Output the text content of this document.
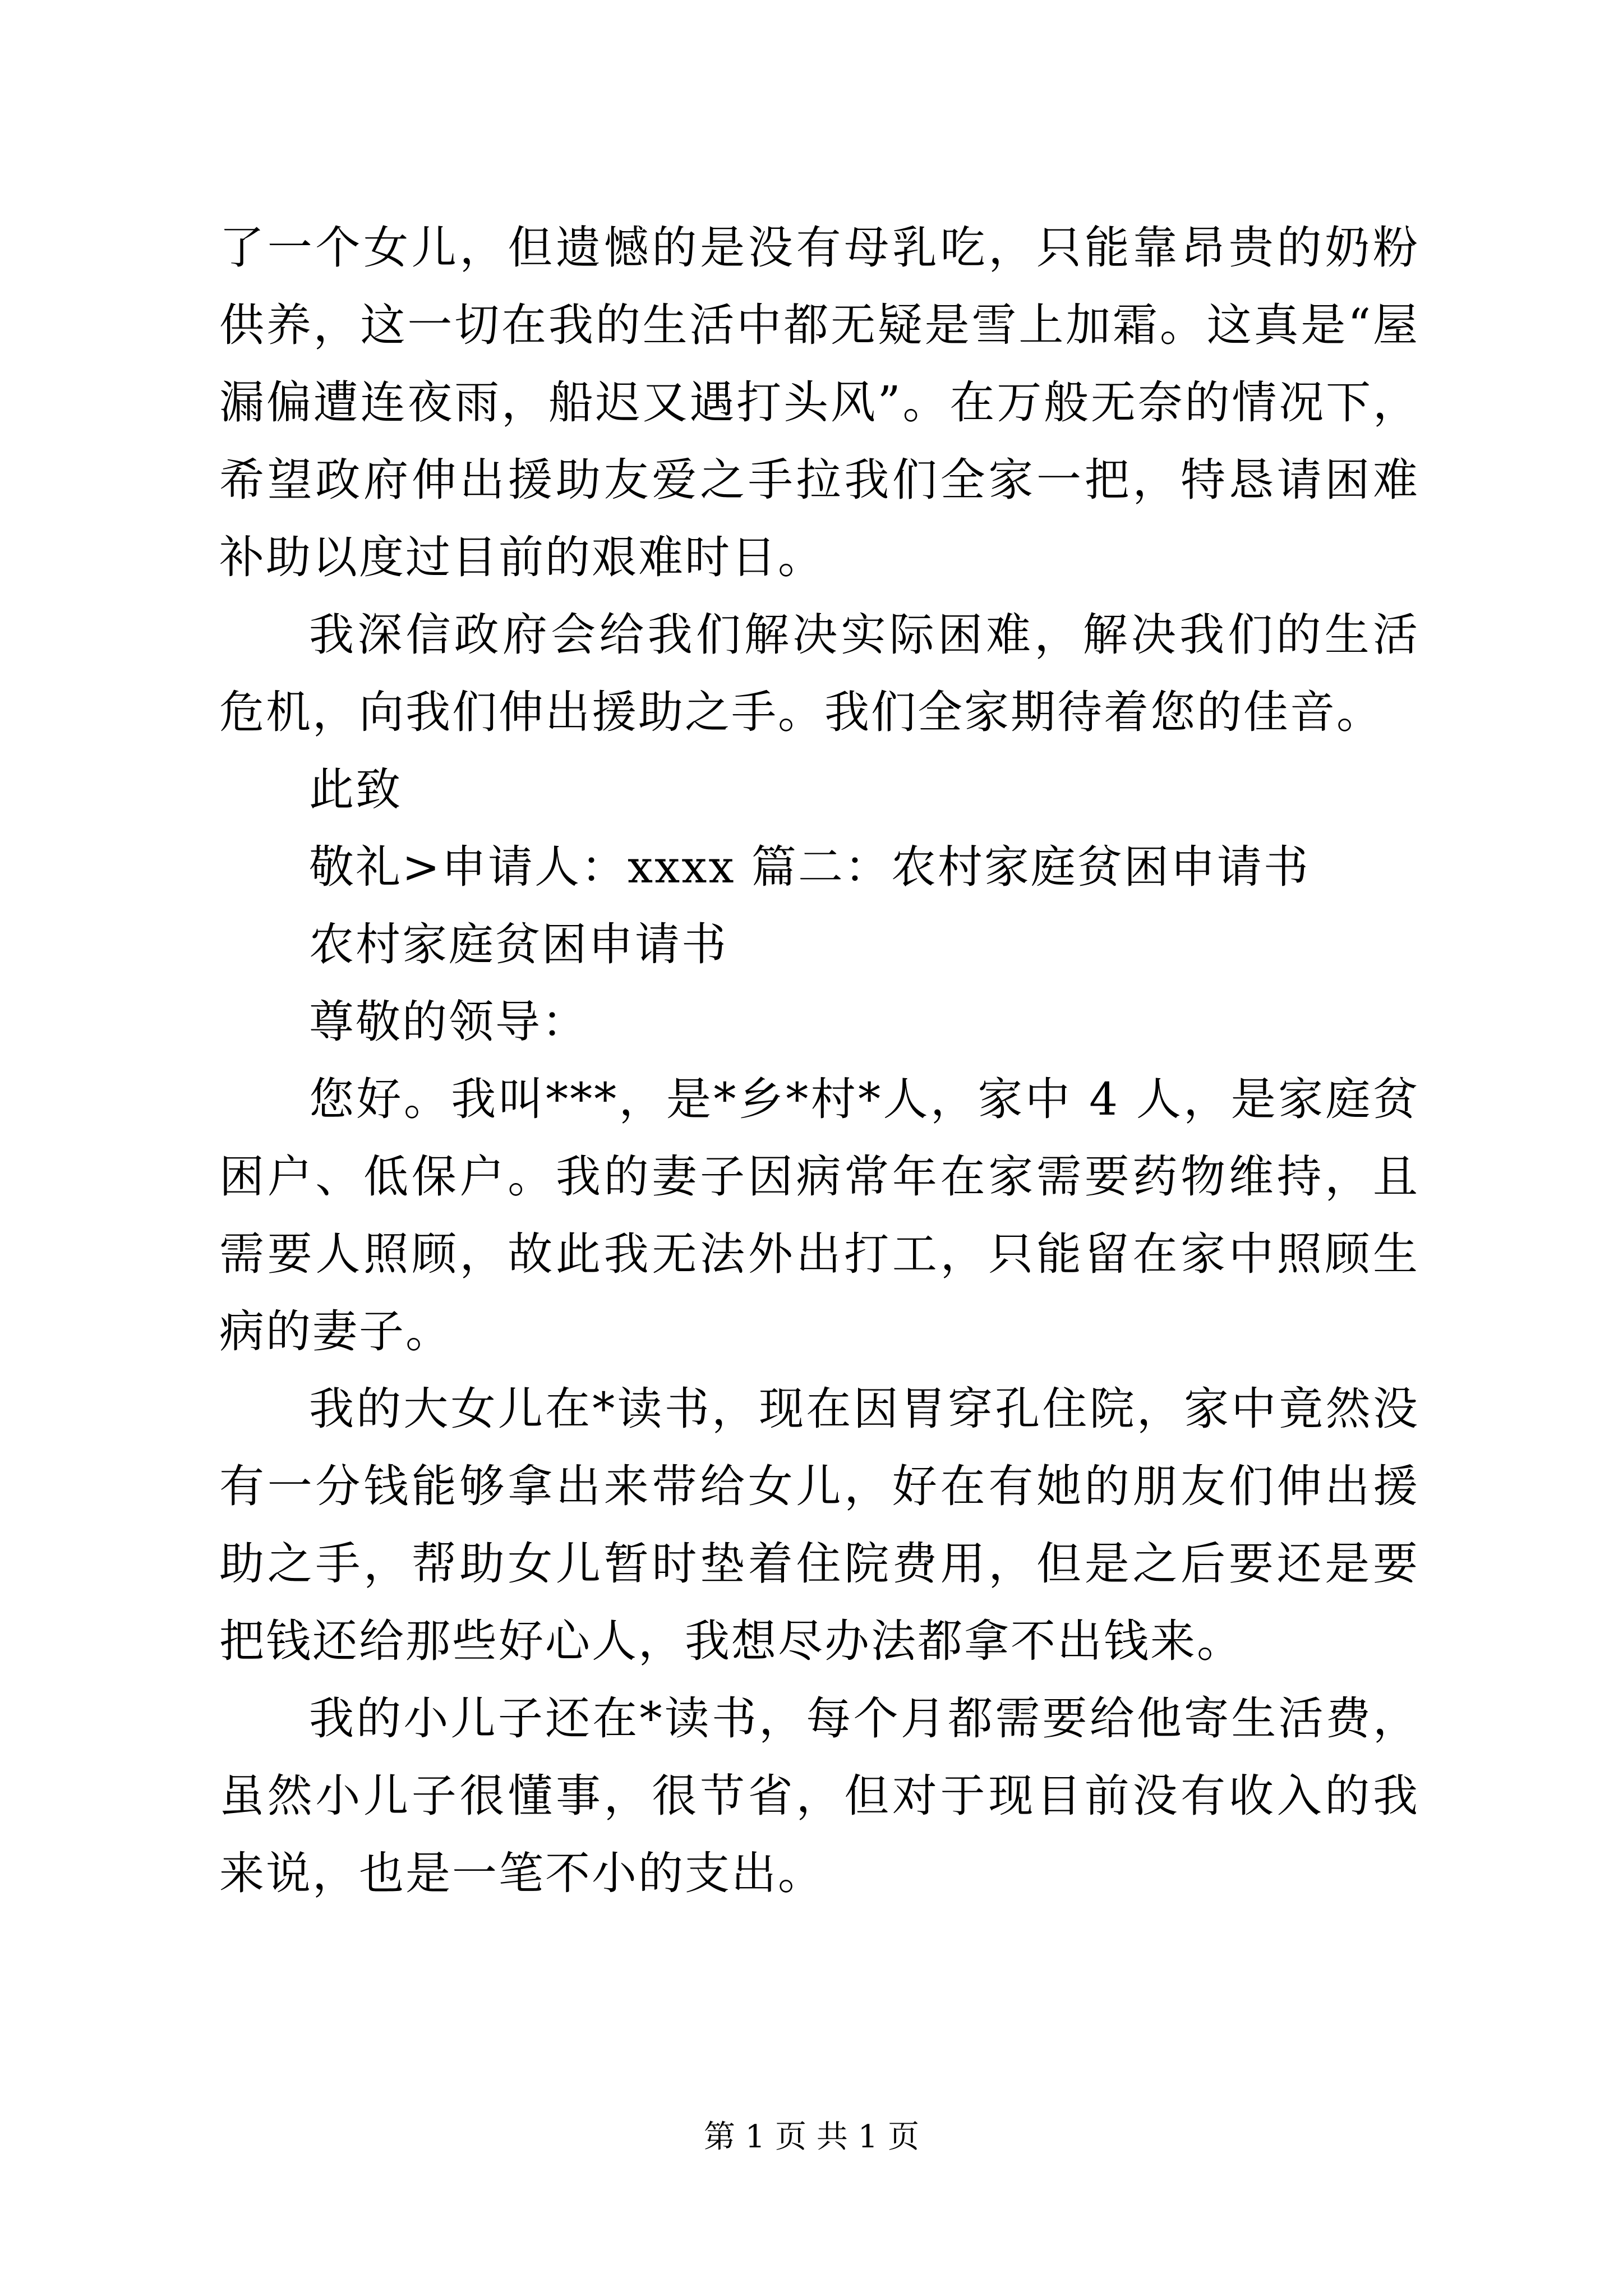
了一个女儿，但遗憾的是没有母乳吃，只能靠昂贵的奶粉供养，这一切在我的生活中都无疑是雪上加霜。这真是“屋漏偏遭连夜雨，船迟又遇打头风”。在万般无奈的情况下，希望政府伸出援助友爱之手拉我们全家一把，特恳请困难补助以度过目前的艰难时日。

我深信政府会给我们解决实际困难，解决我们的生活危机，向我们伸出援助之手。我们全家期待着您的佳音。

此致

敬礼>申请人：xxxx 篇二：农村家庭贫困申请书

农村家庭贫困申请书

尊敬的领导：

您好。我叫***，是*乡*村*人，家中 4 人，是家庭贫困户、低保户。我的妻子因病常年在家需要药物维持，且需要人照顾，故此我无法外出打工，只能留在家中照顾生病的妻子。

我的大女儿在*读书，现在因胃穿孔住院，家中竟然没有一分钱能够拿出来带给女儿，好在有她的朋友们伸出援助之手，帮助女儿暂时垫着住院费用，但是之后要还是要把钱还给那些好心人，我想尽办法都拿不出钱来。

我的小儿子还在*读书，每个月都需要给他寄生活费，虽然小儿子很懂事，很节省，但对于现目前没有收入的我来说，也是一笔不小的支出。

第 1 页 共 1 页
